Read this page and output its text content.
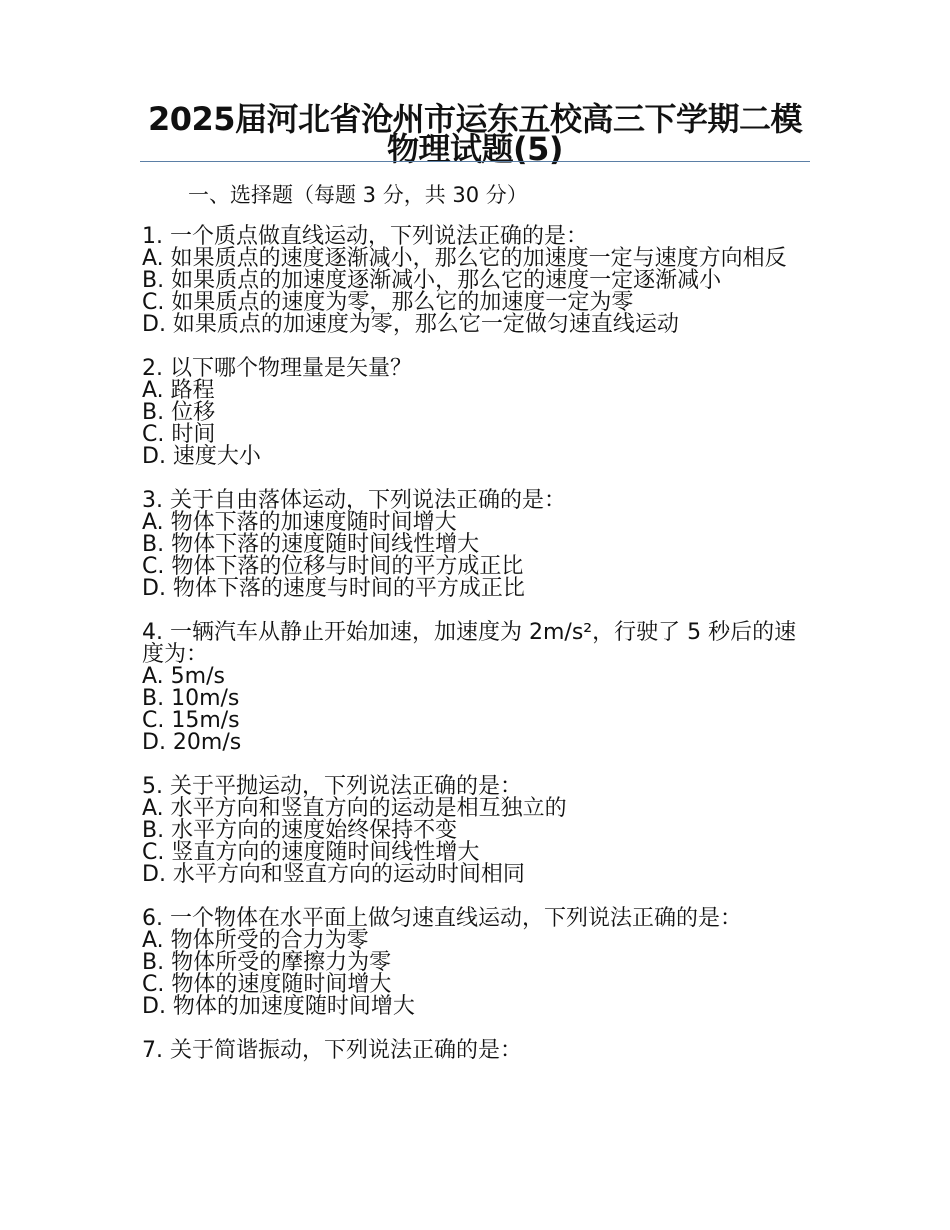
2025届河北省沧州市运东五校高三下学期二模物理试题(5)

一、选择题（每题 3 分，共 30 分）

1. 一个质点做直线运动，下列说法正确的是：

A. 如果质点的速度逐渐减小，那么它的加速度一定与速度方向相反

B. 如果质点的加速度逐渐减小，那么它的速度一定逐渐减小

C. 如果质点的速度为零，那么它的加速度一定为零

D. 如果质点的加速度为零，那么它一定做匀速直线运动

2. 以下哪个物理量是矢量？

A. 路程

B. 位移

C. 时间

D. 速度大小

3. 关于自由落体运动，下列说法正确的是：

A. 物体下落的加速度随时间增大

B. 物体下落的速度随时间线性增大

C. 物体下落的位移与时间的平方成正比

D. 物体下落的速度与时间的平方成正比

4. 一辆汽车从静止开始加速，加速度为 2m/s²，行驶了 5 秒后的速度为：

A. 5m/s

B. 10m/s

C. 15m/s

D. 20m/s

5. 关于平抛运动，下列说法正确的是：

A. 水平方向和竖直方向的运动是相互独立的

B. 水平方向的速度始终保持不变

C. 竖直方向的速度随时间线性增大

D. 水平方向和竖直方向的运动时间相同

6. 一个物体在水平面上做匀速直线运动，下列说法正确的是：

A. 物体所受的合力为零

B. 物体所受的摩擦力为零

C. 物体的速度随时间增大

D. 物体的加速度随时间增大

7. 关于简谐振动，下列说法正确的是：
